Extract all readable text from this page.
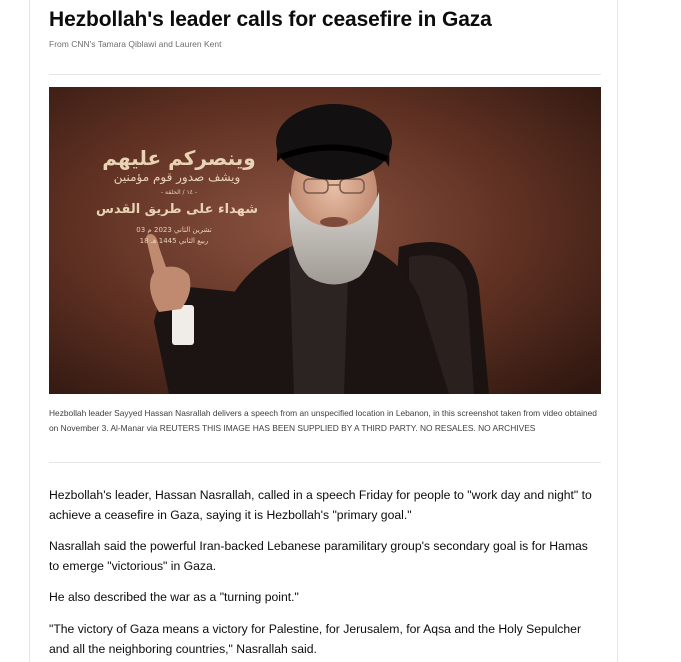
Hezbollah's leader calls for ceasefire in Gaza
From CNN's Tamara Qiblawi and Lauren Kent
وينصركم عليهم
ويشف صدور قوم مؤمنين
- ١٤ / الحلقة -
شهداء على طريق القدس
03 تشرين الثاني 2023 م
18 ربيع الثاني 1445 هـ

Hezbollah leader Sayyed Hassan Nasrallah delivers a speech from an unspecified location in Lebanon, in this screenshot taken from video obtained on November 3. Al-Manar via REUTERS THIS IMAGE HAS BEEN SUPPLIED BY A THIRD PARTY. NO RESALES. NO ARCHIVES

Hezbollah's leader, Hassan Nasrallah, called in a speech Friday for people to "work day and night" to achieve a ceasefire in Gaza, saying it is Hezbollah's "primary goal."

Nasrallah said the powerful Iran-backed Lebanese paramilitary group's secondary goal is for Hamas to emerge "victorious" in Gaza.

He also described the war as a "turning point."

"The victory of Gaza means a victory for Palestine, for Jerusalem, for Aqsa and the Holy Sepulcher and all the neighboring countries," Nasrallah said.
